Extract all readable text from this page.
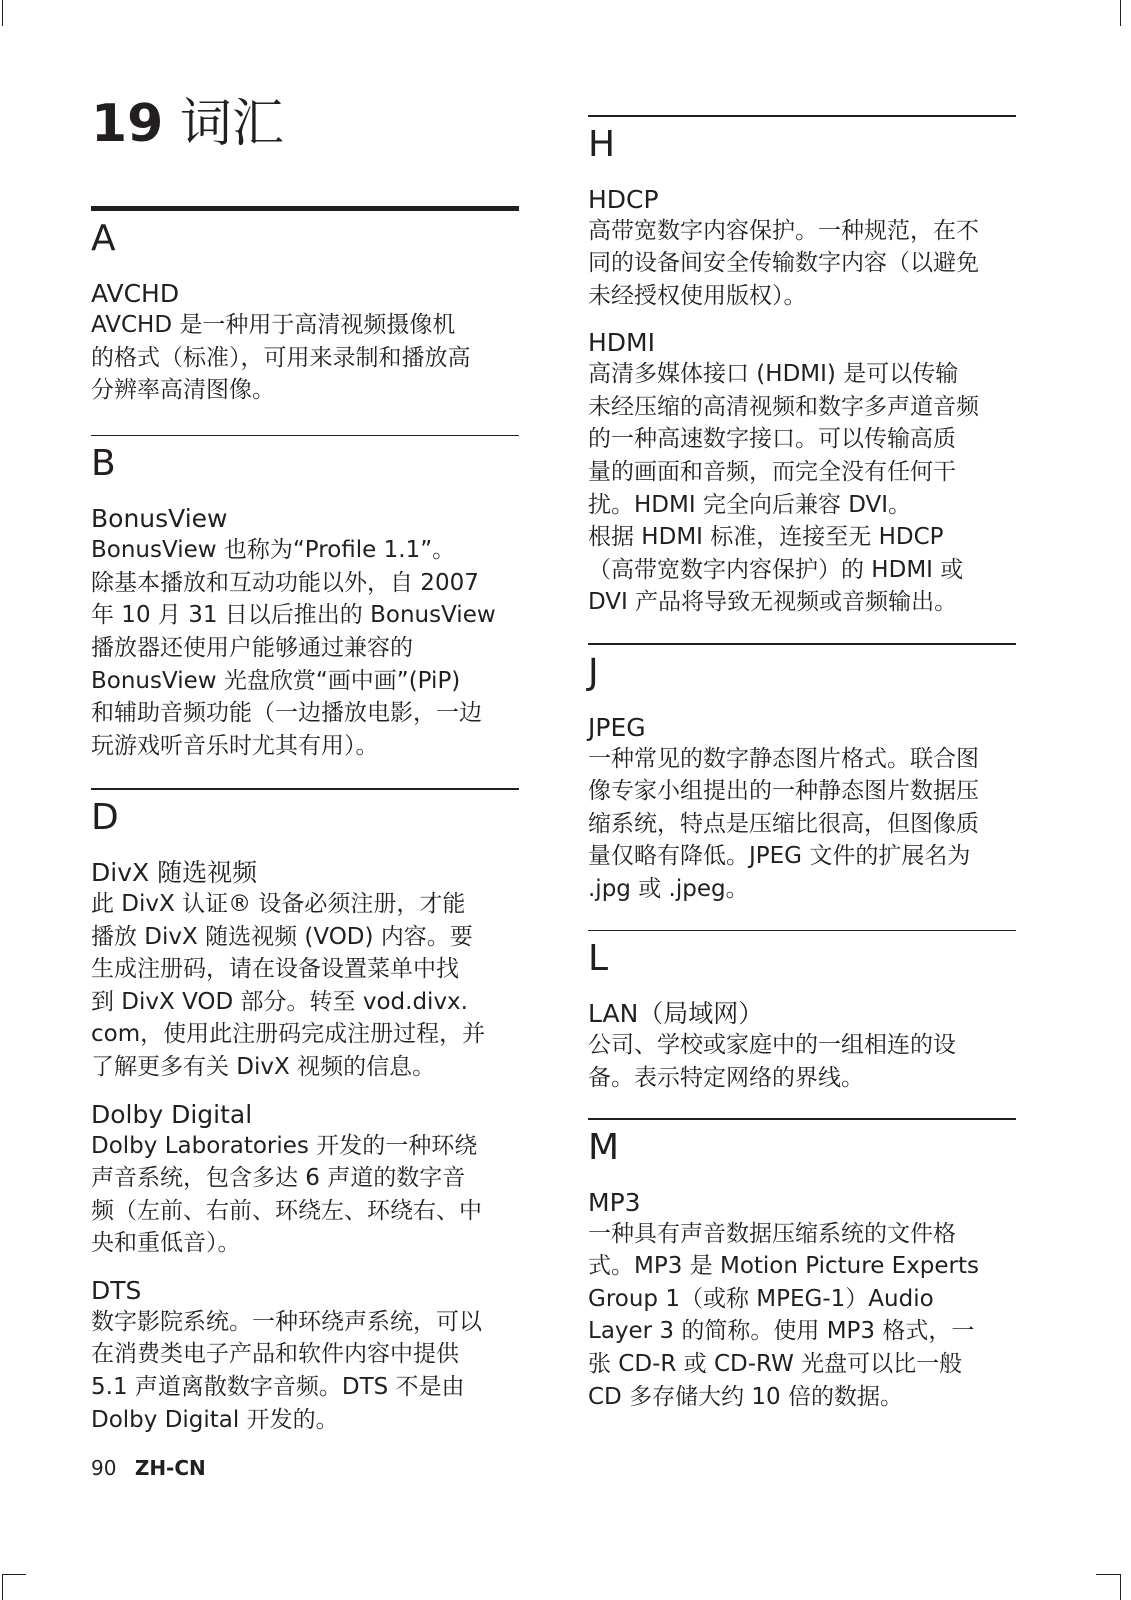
19 词汇
A
AVCHD
AVCHD 是一种用于高清视频摄像机
的格式（标准），可用来录制和播放高
分辨率高清图像。
B
BonusView
BonusView 也称为“Profile 1.1”。
除基本播放和互动功能以外，自 2007
年 10 月 31 日以后推出的 BonusView
播放器还使用户能够通过兼容的
BonusView 光盘欣赏“画中画”(PiP)
和辅助音频功能（一边播放电影，一边
玩游戏听音乐时尤其有用）。
D
DivX 随选视频
此 DivX 认证® 设备必须注册，才能
播放 DivX 随选视频 (VOD) 内容。要
生成注册码，请在设备设置菜单中找
到 DivX VOD 部分。转至 vod.divx.
com，使用此注册码完成注册过程，并
了解更多有关 DivX 视频的信息。
Dolby Digital
Dolby Laboratories 开发的一种环绕
声音系统，包含多达 6 声道的数字音
频（左前、右前、环绕左、环绕右、中
央和重低音）。
DTS
数字影院系统。一种环绕声系统，可以
在消费类电子产品和软件内容中提供
5.1 声道离散数字音频。DTS 不是由
Dolby Digital 开发的。
H
HDCP
高带宽数字内容保护。一种规范，在不
同的设备间安全传输数字内容（以避免
未经授权使用版权）。
HDMI
高清多媒体接口 (HDMI) 是可以传输
未经压缩的高清视频和数字多声道音频
的一种高速数字接口。可以传输高质
量的画面和音频，而完全没有任何干
扰。HDMI 完全向后兼容 DVI。
根据 HDMI 标准，连接至无 HDCP
（高带宽数字内容保护）的 HDMI 或
DVI 产品将导致无视频或音频输出。
J
JPEG
一种常见的数字静态图片格式。联合图
像专家小组提出的一种静态图片数据压
缩系统，特点是压缩比很高，但图像质
量仅略有降低。JPEG 文件的扩展名为
.jpg 或 .jpeg。
L
LAN（局域网）
公司、学校或家庭中的一组相连的设
备。表示特定网络的界线。
M
MP3
一种具有声音数据压缩系统的文件格
式。MP3 是 Motion Picture Experts
Group 1（或称 MPEG-1）Audio
Layer 3 的简称。使用 MP3 格式，一
张 CD-R 或 CD-RW 光盘可以比一般
CD 多存储大约 10 倍的数据。
90 ZH-CN
